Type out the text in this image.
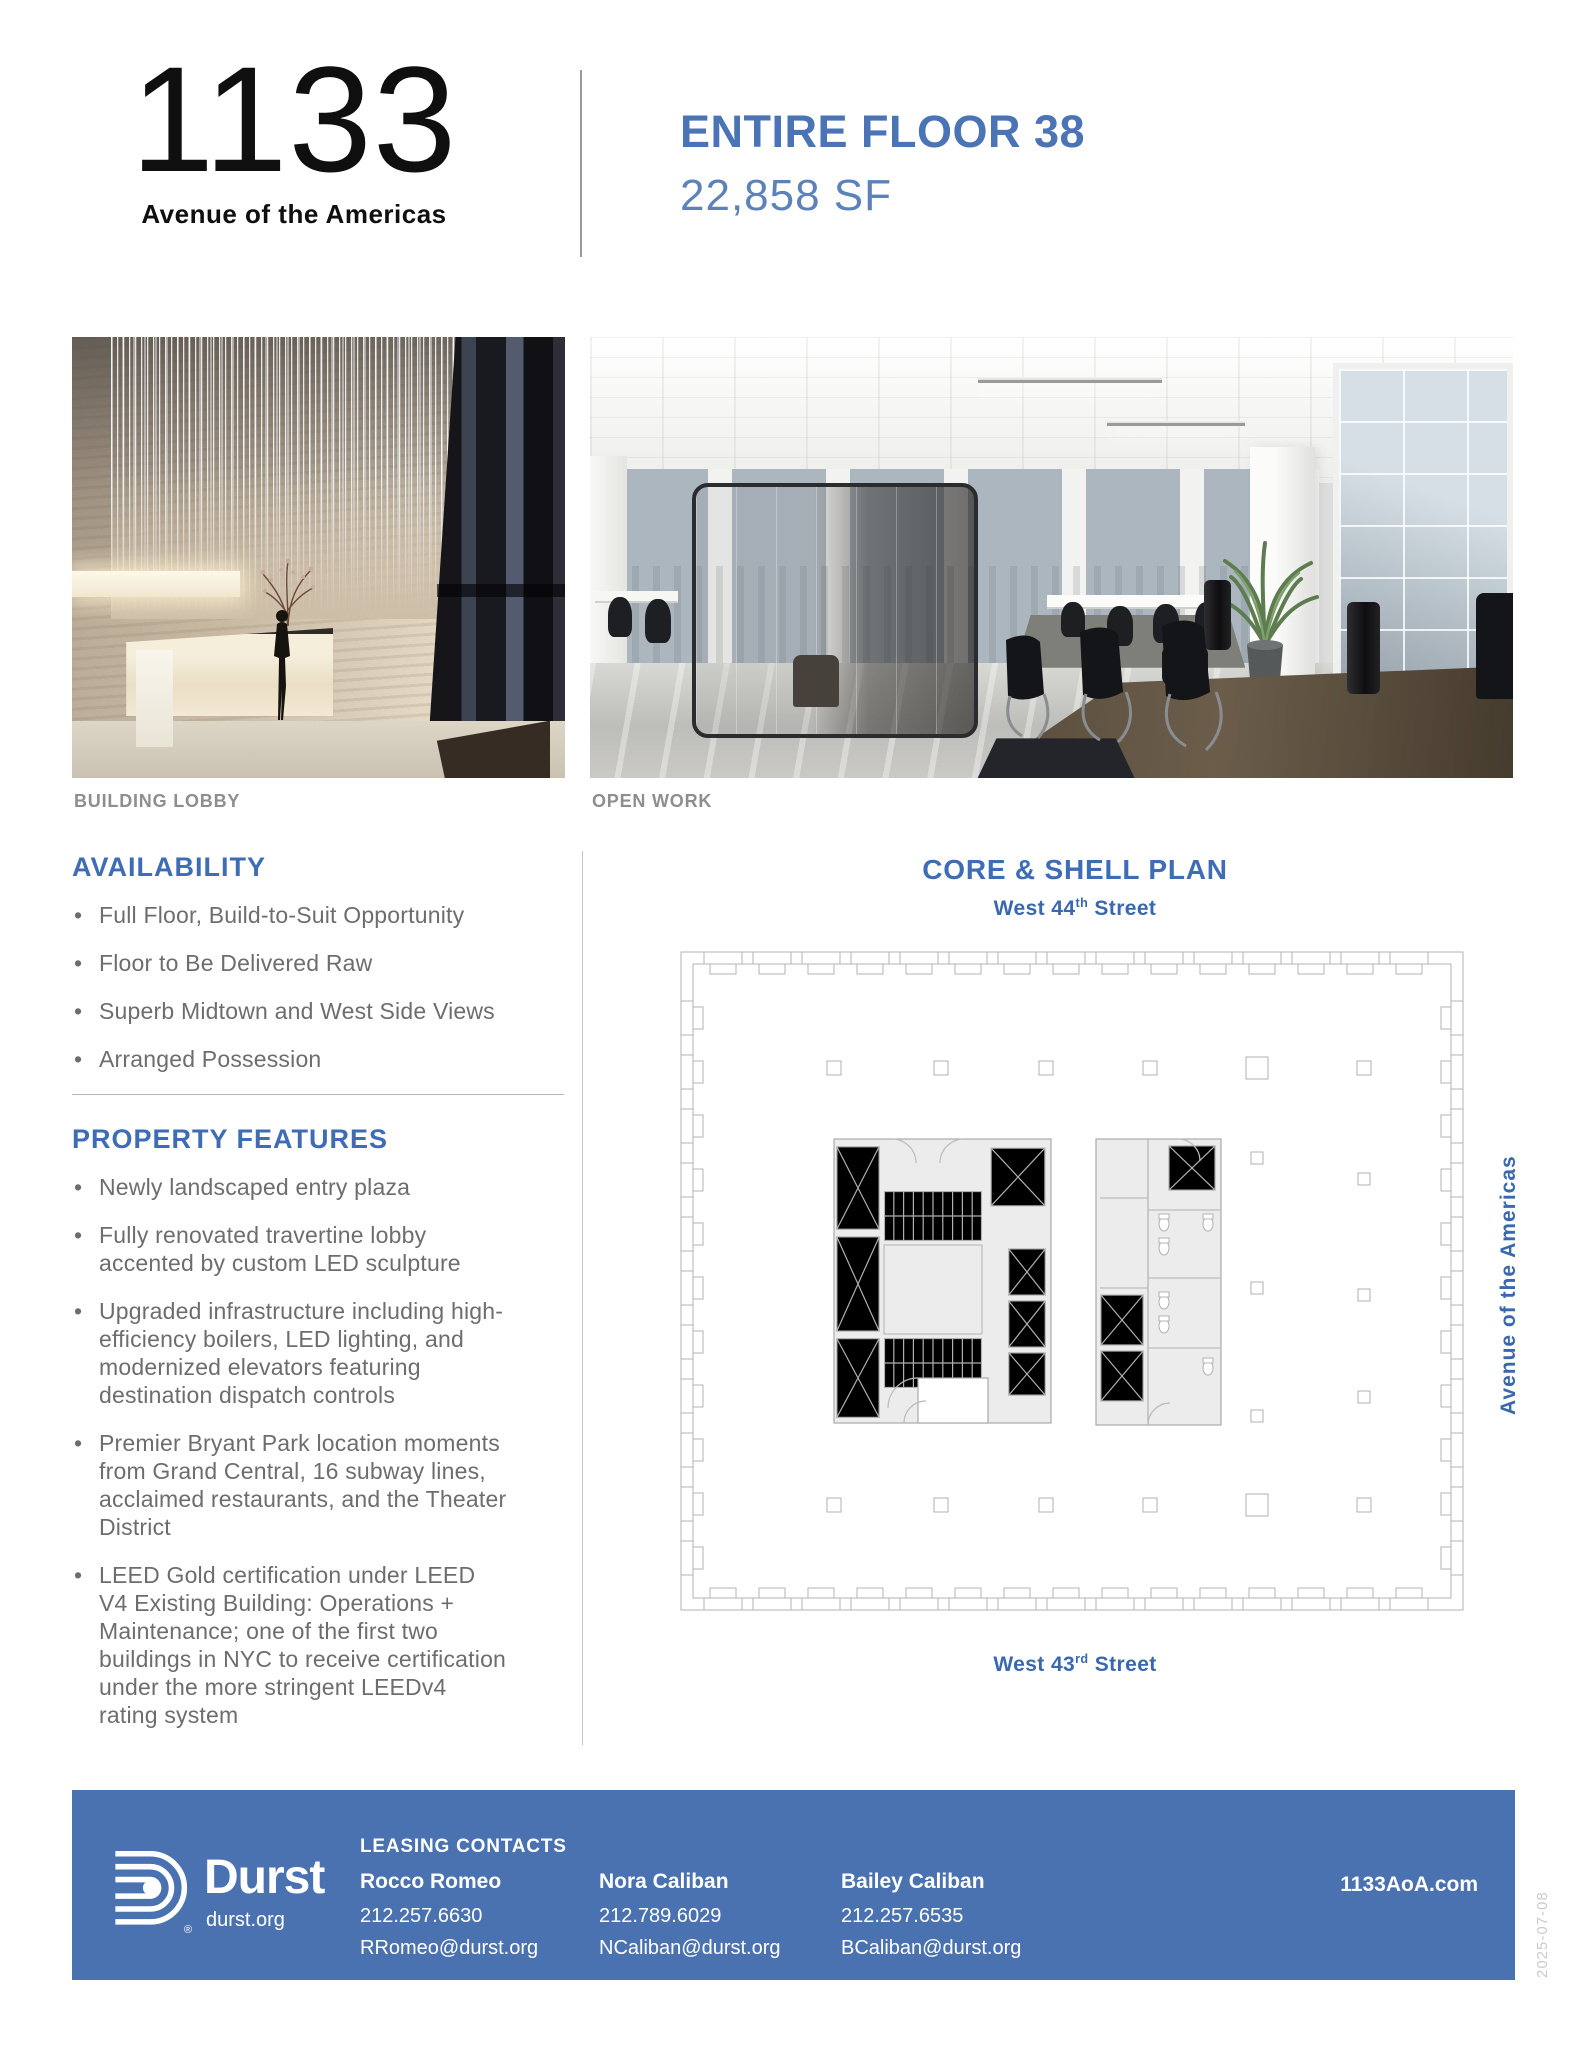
1133
Avenue of the Americas
ENTIRE FLOOR 38
22,858 SF
BUILDING LOBBY	OPEN WORK
AVAILABILITY
• Full Floor, Build-to-Suit Opportunity
• Floor to Be Delivered Raw
• Superb Midtown and West Side Views
• Arranged Possession
PROPERTY FEATURES
• Newly landscaped entry plaza
• Fully renovated travertine lobby accented by custom LED sculpture
• Upgraded infrastructure including high-efficiency boilers, LED lighting, and modernized elevators featuring destination dispatch controls
• Premier Bryant Park location moments from Grand Central, 16 subway lines, acclaimed restaurants, and the Theater District
• LEED Gold certification under LEED V4 Existing Building: Operations + Maintenance; one of the first two buildings in NYC to receive certification under the more stringent LEEDv4 rating system
CORE & SHELL PLAN
West 44th Street
West 43rd Street
Avenue of the Americas
®
Durst
durst.org
LEASING CONTACTS
Rocco Romeo
212.257.6630
RRomeo@durst.org
Nora Caliban
212.789.6029
NCaliban@durst.org
Bailey Caliban
212.257.6535
BCaliban@durst.org
1133AoA.com
2025-07-08
